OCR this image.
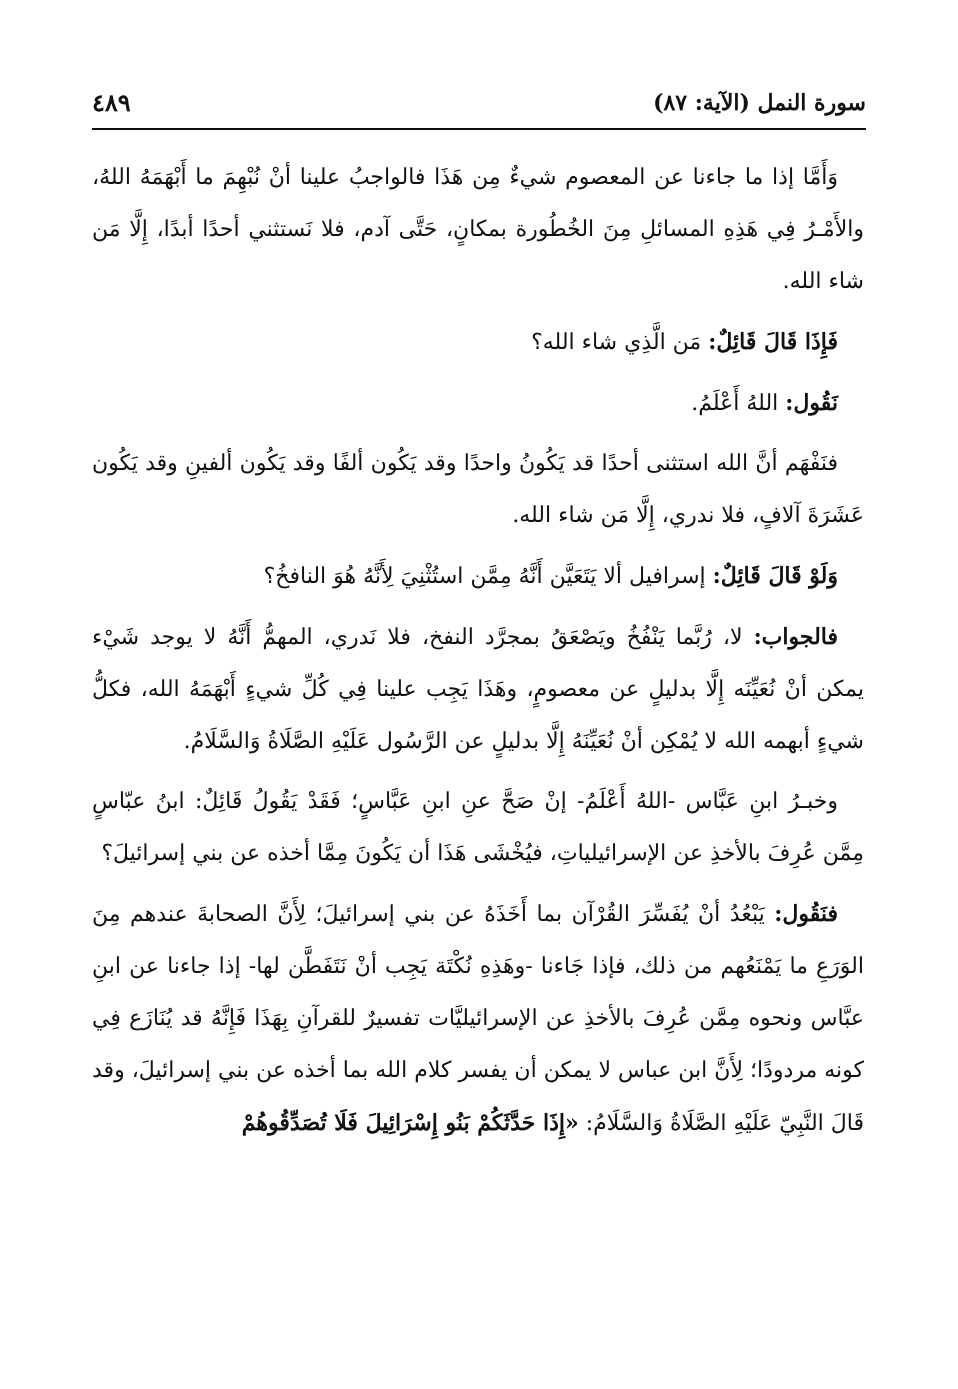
سورة النمل (الآية: ٨٧)
٤٨٩

وَأَمَّا إذا ما جاءنا عن المعصوم شيءٌ مِن هَذَا فالواجبُ علينا أنْ نُبْهِمَ ما أَبْهَمَهُ اللهُ، والأَمْـرُ فِي هَذِهِ المسائلِ مِنَ الخُطُورة بمكانٍ، حَتَّى آدم، فلا نَستثني أحدًا أبدًا، إِلَّا مَن شاء الله.

فَإِذَا قَالَ قَائِلٌ: مَن الَّذِي شاء الله؟

نَقُول: اللهُ أَعْلَمُ.

فنَفْهَم أنَّ الله استثنى أحدًا قد يَكُونُ واحدًا وقد يَكُون ألفًا وقد يَكُون ألفينِ وقد يَكُون عَشَرَةَ آلافٍ، فلا ندري، إِلَّا مَن شاء الله.

وَلَوْ قَالَ قَائِلٌ: إسرافيل ألا يَتَعَيَّن أَنَّهُ مِمَّن استُثْنِيَ لِأَنَّهُ هُوَ النافخُ؟

فالجواب: لا، رُبَّما يَنْفُخُ ويَصْعَقُ بمجرَّد النفخ، فلا نَدري، المهمُّ أَنَّهُ لا يوجد شَيْء يمكن أنْ نُعَيِّنَه إِلَّا بدليلٍ عن معصومٍ، وهَذَا يَجِب علينا فِي كُلِّ شيءٍ أَبْهَمَهُ الله، فكلُّ شيءٍ أبهمه الله لا يُمْكِن أنْ نُعَيِّنَهُ إِلَّا بدليلٍ عن الرَّسُول عَلَيْهِ الصَّلَاةُ وَالسَّلَامُ.

وخبـرُ ابنِ عَبَّاس -اللهُ أَعْلَمُ- إنْ صَحَّ عنِ ابنِ عَبَّاسٍ؛ فَقَدْ يَقُولُ قَائِلٌ: ابنُ عبّاسٍ مِمَّن عُرِفَ بالأخذِ عن الإسرائيلياتِ، فيُخْشَى هَذَا أن يَكُونَ مِمَّا أخذه عن بني إسرائيلَ؟

فنَقُول: يَبْعُدُ أنْ يُفَسِّرَ القُرْآن بما أَخَذَهُ عن بني إسرائيلَ؛ لِأَنَّ الصحابةَ عندهم مِنَ الوَرَعِ ما يَمْنَعُهم من ذلك، فإذا جَاءنا -وهَذِهِ نُكْتَة يَجِب أنْ نَتَفَطَّن لها- إذا جاءنا عن ابنِ عبَّاس ونحوه مِمَّن عُرِفَ بالأخذِ عن الإسرائيليَّات تفسيرٌ للقرآنِ بِهَذَا فَإِنَّهُ قد يُنَازَع فِي كونه مردودًا؛ لِأَنَّ ابن عباس لا يمكن أن يفسر كلام الله بما أخذه عن بني إسرائيلَ، وقد قَالَ النَّبِيّ عَلَيْهِ الصَّلَاةُ وَالسَّلَامُ: «إِذَا حَدَّثَكُمْ بَنُو إِسْرَائِيلَ فَلَا تُصَدِّقُوهُمْ
